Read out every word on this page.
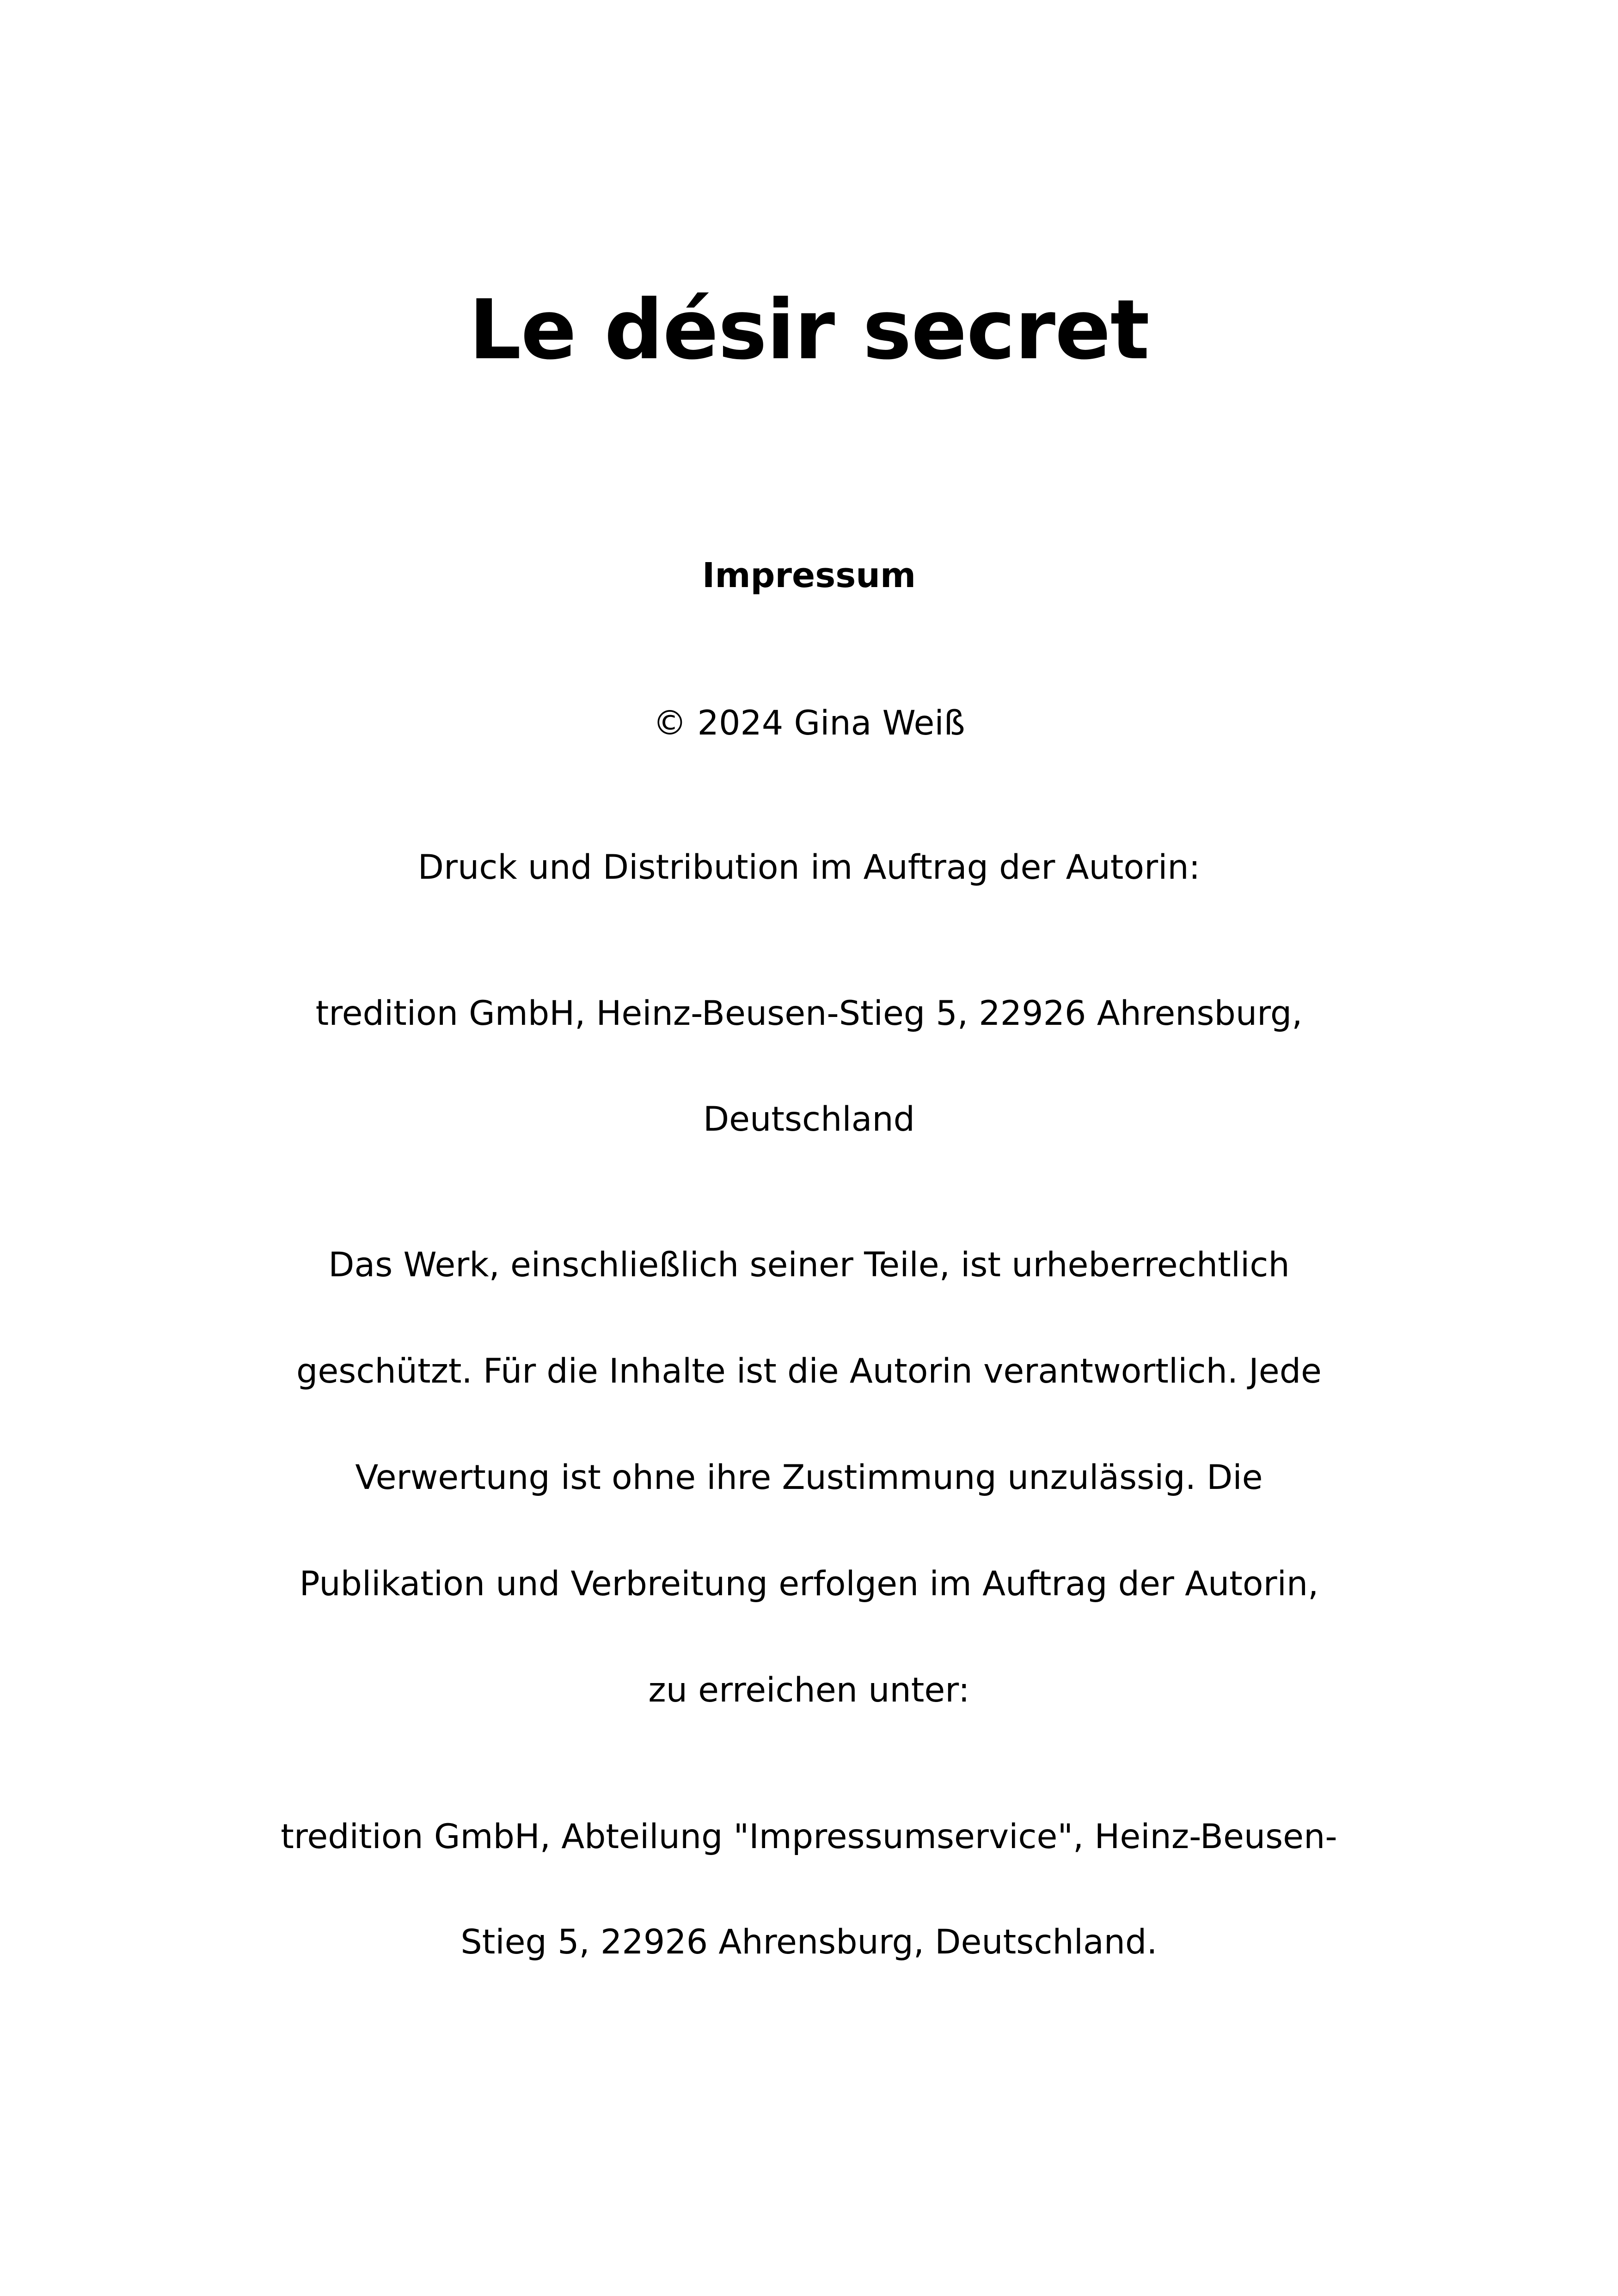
Le désir secret
Impressum
© 2024 Gina Weiß
Druck und Distribution im Auftrag der Autorin:
tredition GmbH, Heinz-Beusen-Stieg 5, 22926 Ahrensburg,
Deutschland
Das Werk, einschließlich seiner Teile, ist urheberrechtlich
geschützt. Für die Inhalte ist die Autorin verantwortlich. Jede
Verwertung ist ohne ihre Zustimmung unzulässig. Die
Publikation und Verbreitung erfolgen im Auftrag der Autorin,
zu erreichen unter:
tredition GmbH, Abteilung "Impressumservice", Heinz-Beusen-
Stieg 5, 22926 Ahrensburg, Deutschland.
